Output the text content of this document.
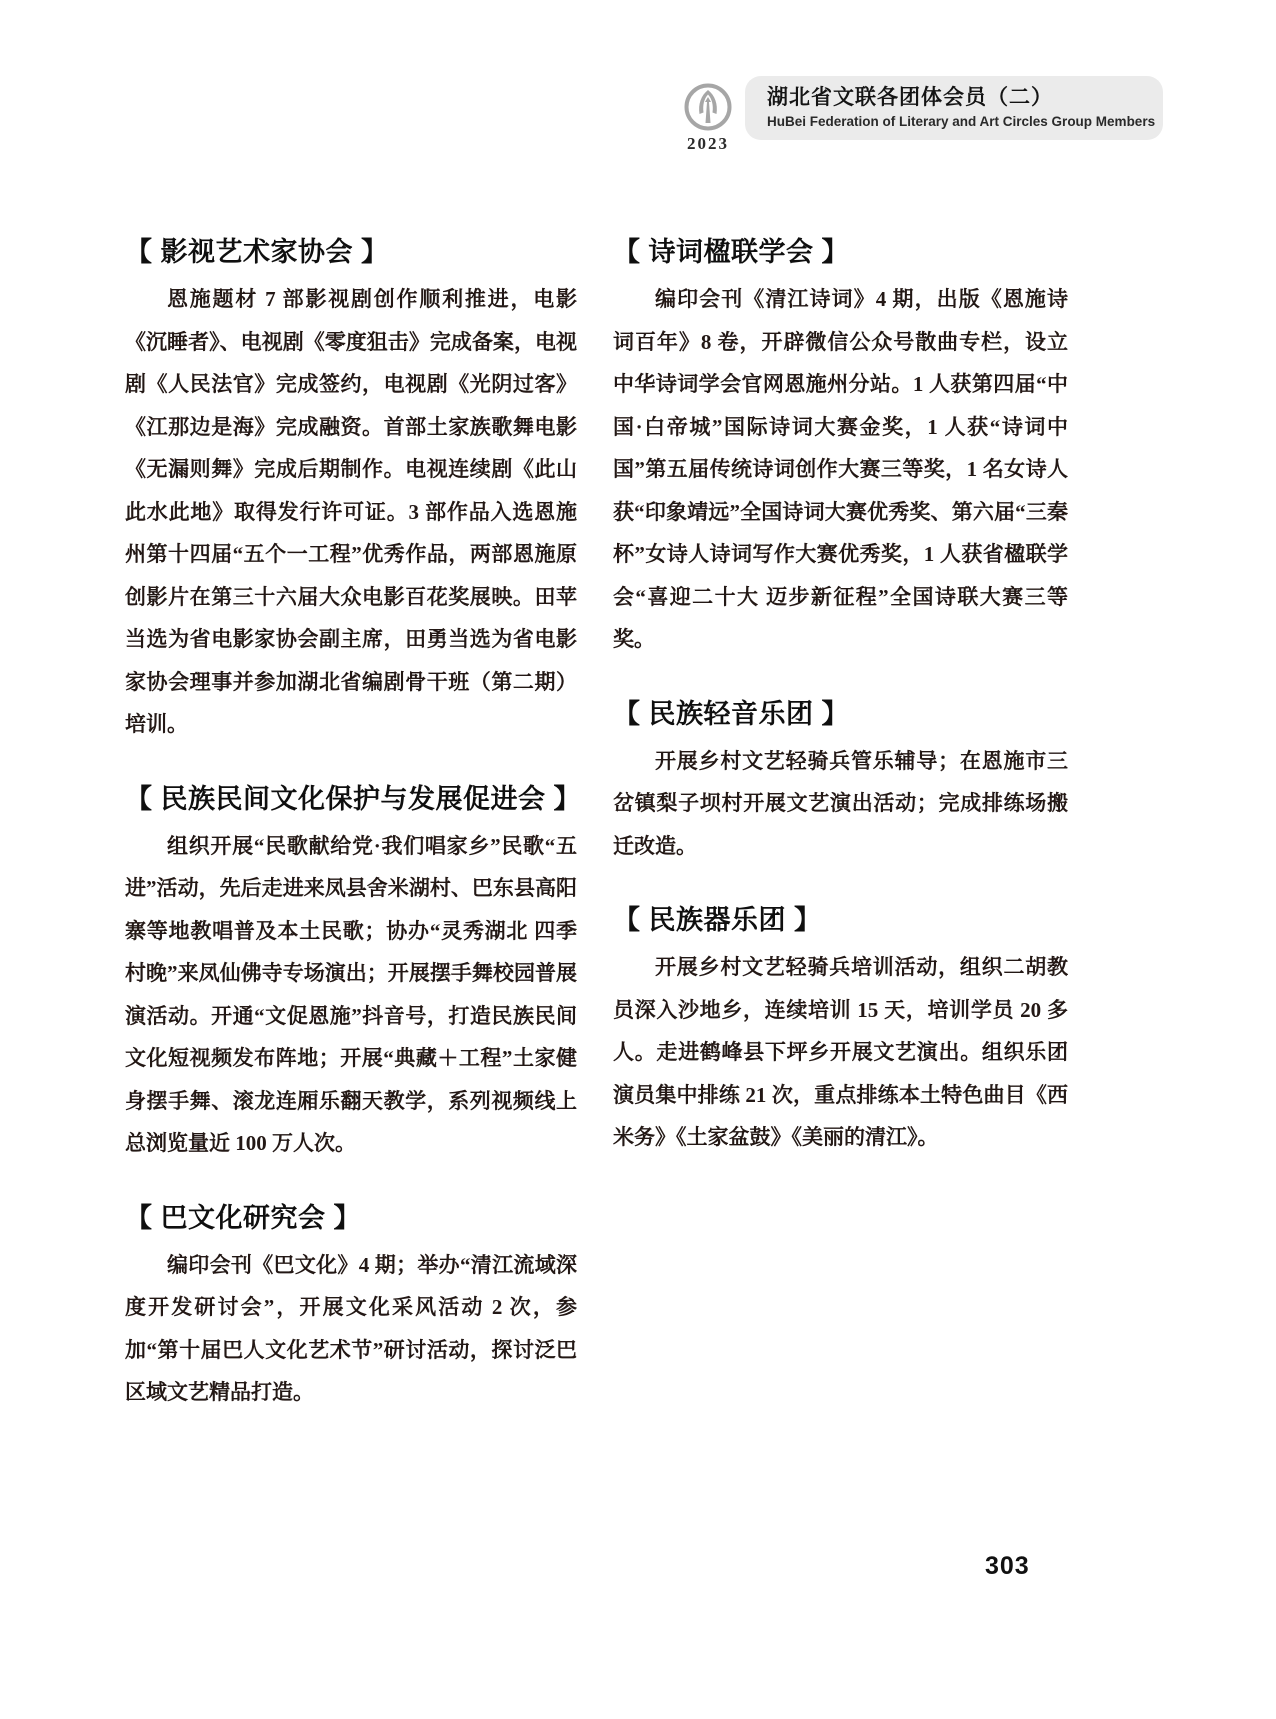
2023
湖北省文联各团体会员（二）
HuBei Federation of Literary and Art Circles Group Members
【 影视艺术家协会 】

恩施题材 7 部影视剧创作顺利推进，电影《沉睡者》、电视剧《零度狙击》完成备案，电视剧《人民法官》完成签约，电视剧《光阴过客》《江那边是海》完成融资。首部土家族歌舞电影《无漏则舞》完成后期制作。电视连续剧《此山此水此地》取得发行许可证。3 部作品入选恩施州第十四届“五个一工程”优秀作品，两部恩施原创影片在第三十六届大众电影百花奖展映。田苹当选为省电影家协会副主席，田勇当选为省电影家协会理事并参加湖北省编剧骨干班（第二期）培训。

【 民族民间文化保护与发展促进会 】

组织开展“民歌献给党·我们唱家乡”民歌“五进”活动，先后走进来凤县舍米湖村、巴东县高阳寨等地教唱普及本土民歌；协办“灵秀湖北 四季村晚”来凤仙佛寺专场演出；开展摆手舞校园普展演活动。开通“文促恩施”抖音号，打造民族民间文化短视频发布阵地；开展“典藏＋工程”土家健身摆手舞、滚龙连厢乐翻天教学，系列视频线上总浏览量近 100 万人次。

【 巴文化研究会 】

编印会刊《巴文化》4 期；举办“清江流域深度开发研讨会”，开展文化采风活动 2 次，参加“第十届巴人文化艺术节”研讨活动，探讨泛巴区域文艺精品打造。

【 诗词楹联学会 】

编印会刊《清江诗词》4 期，出版《恩施诗词百年》8 卷，开辟微信公众号散曲专栏，设立中华诗词学会官网恩施州分站。1 人获第四届“中国·白帝城”国际诗词大赛金奖，1 人获“诗词中国”第五届传统诗词创作大赛三等奖，1 名女诗人获“印象靖远”全国诗词大赛优秀奖、第六届“三秦杯”女诗人诗词写作大赛优秀奖，1 人获省楹联学会“喜迎二十大 迈步新征程”全国诗联大赛三等奖。

【 民族轻音乐团 】

开展乡村文艺轻骑兵管乐辅导；在恩施市三岔镇梨子坝村开展文艺演出活动；完成排练场搬迁改造。

【 民族器乐团 】

开展乡村文艺轻骑兵培训活动，组织二胡教员深入沙地乡，连续培训 15 天，培训学员 20 多人。走进鹤峰县下坪乡开展文艺演出。组织乐团演员集中排练 21 次，重点排练本土特色曲目《西米务》《土家盆鼓》《美丽的清江》。

303
